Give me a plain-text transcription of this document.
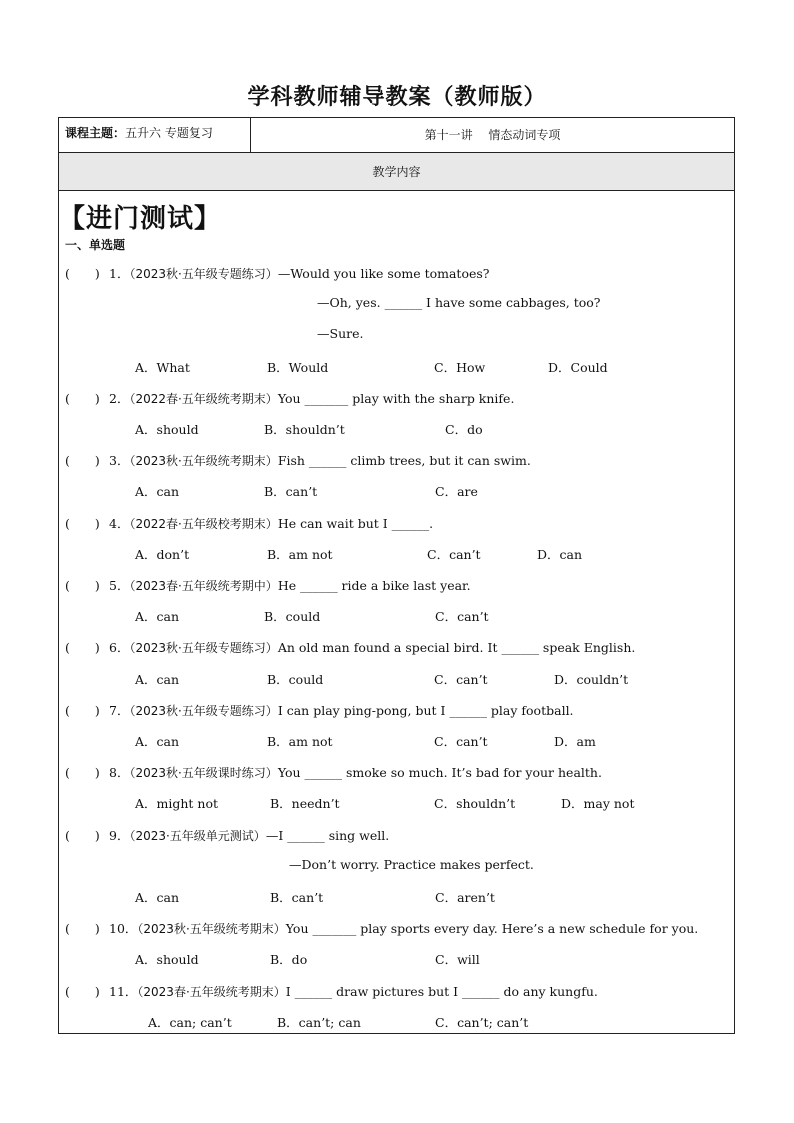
学科教师辅导教案（教师版）
课程主题：五升六 专题复习	第十一讲　 情态动词专项
教学内容
【进门测试】
一、单选题
(　　) 1．（2023秋·五年级专题练习）—Would you like some tomatoes?
—Oh, yes. ______ I have some cabbages, too?
—Sure.
A．What	B．Would	C．How	D．Could
(　　) 2．（2022春·五年级统考期末）You _______ play with the sharp knife.
A．should	B．shouldn’t	C．do
(　　) 3．（2023秋·五年级统考期末）Fish ______ climb trees, but it can swim.
A．can	B．can’t	C．are
(　　) 4．（2022春·五年级校考期末）He can wait but I ______.
A．don’t	B．am not	C．can’t	D．can
(　　) 5．（2023春·五年级统考期中）He ______ ride a bike last year.
A．can	B．could	C．can’t
(　　) 6．（2023秋·五年级专题练习）An old man found a special bird. It ______ speak English.
A．can	B．could	C．can’t	D．couldn’t
(　　) 7．（2023秋·五年级专题练习）I can play ping-pong, but I ______ play football.
A．can	B．am not	C．can’t	D．am
(　　) 8．（2023秋·五年级课时练习）You ______ smoke so much. It’s bad for your health.
A．might not	B．needn’t	C．shouldn’t	D．may not
(　　) 9．（2023·五年级单元测试）—I ______ sing well.
—Don’t worry. Practice makes perfect.
A．can	B．can’t	C．aren’t
(　　) 10．（2023秋·五年级统考期末）You _______ play sports every day. Here’s a new schedule for you.
A．should	B．do	C．will
(　　) 11．（2023春·五年级统考期末）I ______ draw pictures but I ______ do any kungfu.
A．can; can’t	B．can’t; can	C．can’t; can’t
